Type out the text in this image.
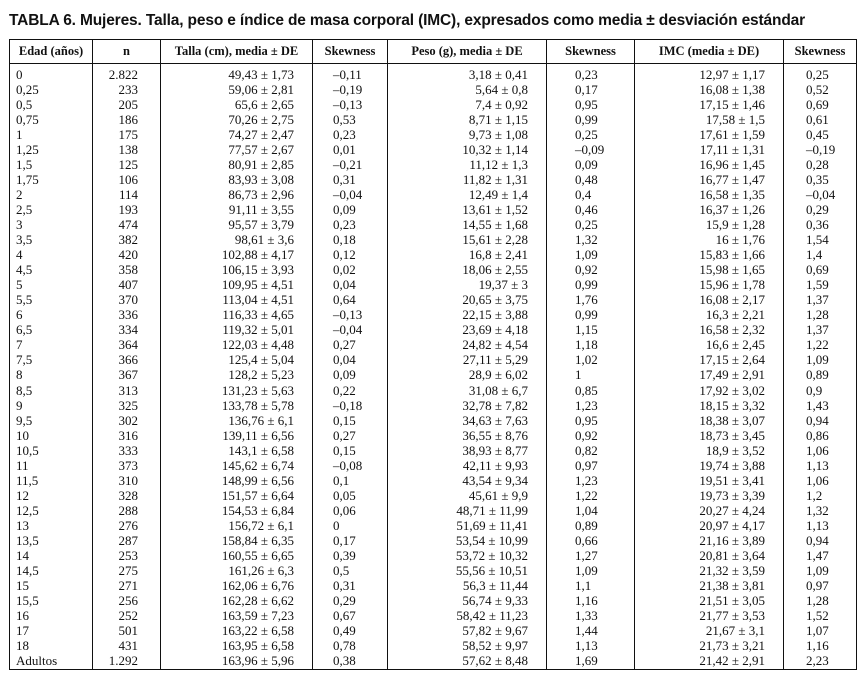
TABLA 6. Mujeres. Talla, peso e índice de masa corporal (IMC), expresados como media ± desviación estándar
Edad (años)	n	Talla (cm), media ± DE	Skewness	Peso (g), media ± DE	Skewness	IMC (media ± DE)	Skewness
0	2.822	49,43 ± 1,73	–0,11	3,18 ± 0,41	0,23	12,97 ± 1,17	0,25
0,25	233	59,06 ± 2,81	–0,19	5,64 ± 0,8	0,17	16,08 ± 1,38	0,52
0,5	205	65,6 ± 2,65	–0,13	7,4 ± 0,92	0,95	17,15 ± 1,46	0,69
0,75	186	70,26 ± 2,75	0,53	8,71 ± 1,15	0,99	17,58 ± 1,5	0,61
1	175	74,27 ± 2,47	0,23	9,73 ± 1,08	0,25	17,61 ± 1,59	0,45
1,25	138	77,57 ± 2,67	0,01	10,32 ± 1,14	–0,09	17,11 ± 1,31	–0,19
1,5	125	80,91 ± 2,85	–0,21	11,12 ± 1,3	0,09	16,96 ± 1,45	0,28
1,75	106	83,93 ± 3,08	0,31	11,82 ± 1,31	0,48	16,77 ± 1,47	0,35
2	114	86,73 ± 2,96	–0,04	12,49 ± 1,4	0,4	16,58 ± 1,35	–0,04
2,5	193	91,11 ± 3,55	0,09	13,61 ± 1,52	0,46	16,37 ± 1,26	0,29
3	474	95,57 ± 3,79	0,23	14,55 ± 1,68	0,25	15,9 ± 1,28	0,36
3,5	382	98,61 ± 3,6	0,18	15,61 ± 2,28	1,32	16 ± 1,76	1,54
4	420	102,88 ± 4,17	0,12	16,8 ± 2,41	1,09	15,83 ± 1,66	1,4
4,5	358	106,15 ± 3,93	0,02	18,06 ± 2,55	0,92	15,98 ± 1,65	0,69
5	407	109,95 ± 4,51	0,04	19,37 ± 3	0,99	15,96 ± 1,78	1,59
5,5	370	113,04 ± 4,51	0,64	20,65 ± 3,75	1,76	16,08 ± 2,17	1,37
6	336	116,33 ± 4,65	–0,13	22,15 ± 3,88	0,99	16,3 ± 2,21	1,28
6,5	334	119,32 ± 5,01	–0,04	23,69 ± 4,18	1,15	16,58 ± 2,32	1,37
7	364	122,03 ± 4,48	0,27	24,82 ± 4,54	1,18	16,6 ± 2,45	1,22
7,5	366	125,4 ± 5,04	0,04	27,11 ± 5,29	1,02	17,15 ± 2,64	1,09
8	367	128,2 ± 5,23	0,09	28,9 ± 6,02	1	17,49 ± 2,91	0,89
8,5	313	131,23 ± 5,63	0,22	31,08 ± 6,7	0,85	17,92 ± 3,02	0,9
9	325	133,78 ± 5,78	–0,18	32,78 ± 7,82	1,23	18,15 ± 3,32	1,43
9,5	302	136,76 ± 6,1	0,15	34,63 ± 7,63	0,95	18,38 ± 3,07	0,94
10	316	139,11 ± 6,56	0,27	36,55 ± 8,76	0,92	18,73 ± 3,45	0,86
10,5	333	143,1 ± 6,58	0,15	38,93 ± 8,77	0,82	18,9 ± 3,52	1,06
11	373	145,62 ± 6,74	–0,08	42,11 ± 9,93	0,97	19,74 ± 3,88	1,13
11,5	310	148,99 ± 6,56	0,1	43,54 ± 9,34	1,23	19,51 ± 3,41	1,06
12	328	151,57 ± 6,64	0,05	45,61 ± 9,9	1,22	19,73 ± 3,39	1,2
12,5	288	154,53 ± 6,84	0,06	48,71 ± 11,99	1,04	20,27 ± 4,24	1,32
13	276	156,72 ± 6,1	0	51,69 ± 11,41	0,89	20,97 ± 4,17	1,13
13,5	287	158,84 ± 6,35	0,17	53,54 ± 10,99	0,66	21,16 ± 3,89	0,94
14	253	160,55 ± 6,65	0,39	53,72 ± 10,32	1,27	20,81 ± 3,64	1,47
14,5	275	161,26 ± 6,3	0,5	55,56 ± 10,51	1,09	21,32 ± 3,59	1,09
15	271	162,06 ± 6,76	0,31	56,3 ± 11,44	1,1	21,38 ± 3,81	0,97
15,5	256	162,28 ± 6,62	0,29	56,74 ± 9,33	1,16	21,51 ± 3,05	1,28
16	252	163,59 ± 7,23	0,67	58,42 ± 11,23	1,33	21,77 ± 3,53	1,52
17	501	163,22 ± 6,58	0,49	57,82 ± 9,67	1,44	21,67 ± 3,1	1,07
18	431	163,95 ± 6,58	0,78	58,52 ± 9,97	1,13	21,73 ± 3,21	1,16
Adultos	1.292	163,96 ± 5,96	0,38	57,62 ± 8,48	1,69	21,42 ± 2,91	2,23
